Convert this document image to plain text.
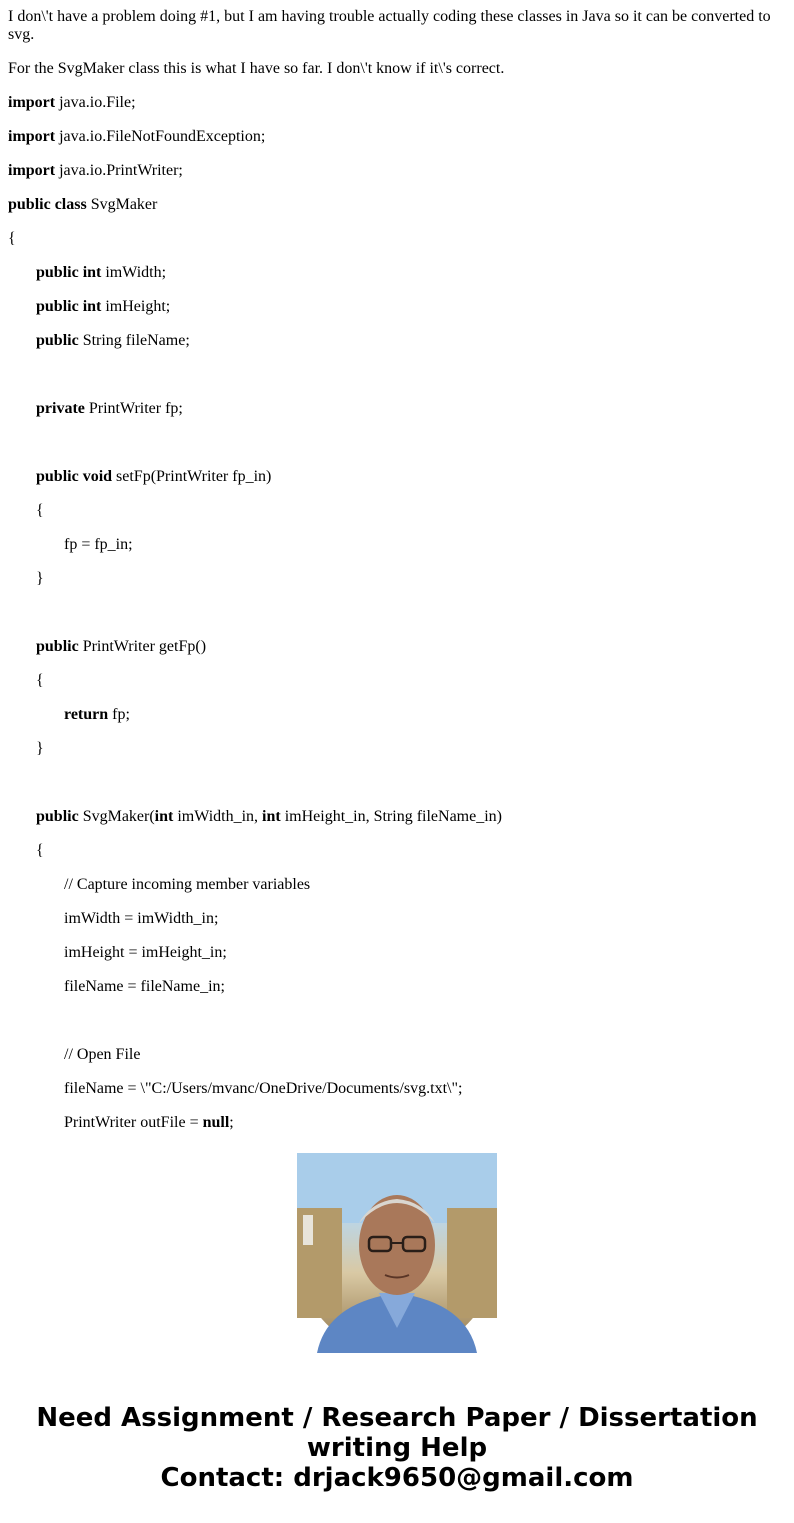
I don\'t have a problem doing #1, but I am having trouble actually coding these classes in Java so it can be converted to svg.

For the SvgMaker class this is what I have so far. I don\'t know if it\'s correct.

import java.io.File;
import java.io.FileNotFoundException;
import java.io.PrintWriter;
public class SvgMaker
{
public int imWidth;
public int imHeight;
public String fileName;
private PrintWriter fp;
public void setFp(PrintWriter fp_in)
{
fp = fp_in;
}
public PrintWriter getFp()
{
return fp;
}
public SvgMaker(int imWidth_in, int imHeight_in, String fileName_in)
{
// Capture incoming member variables
imWidth = imWidth_in;
imHeight = imHeight_in;
fileName = fileName_in;
// Open File
fileName = \"C:/Users/mvanc/OneDrive/Documents/svg.txt\";
PrintWriter outFile = null;
Need Assignment / Research Paper / Dissertation
writing Help
Contact: drjack9650@gmail.com
